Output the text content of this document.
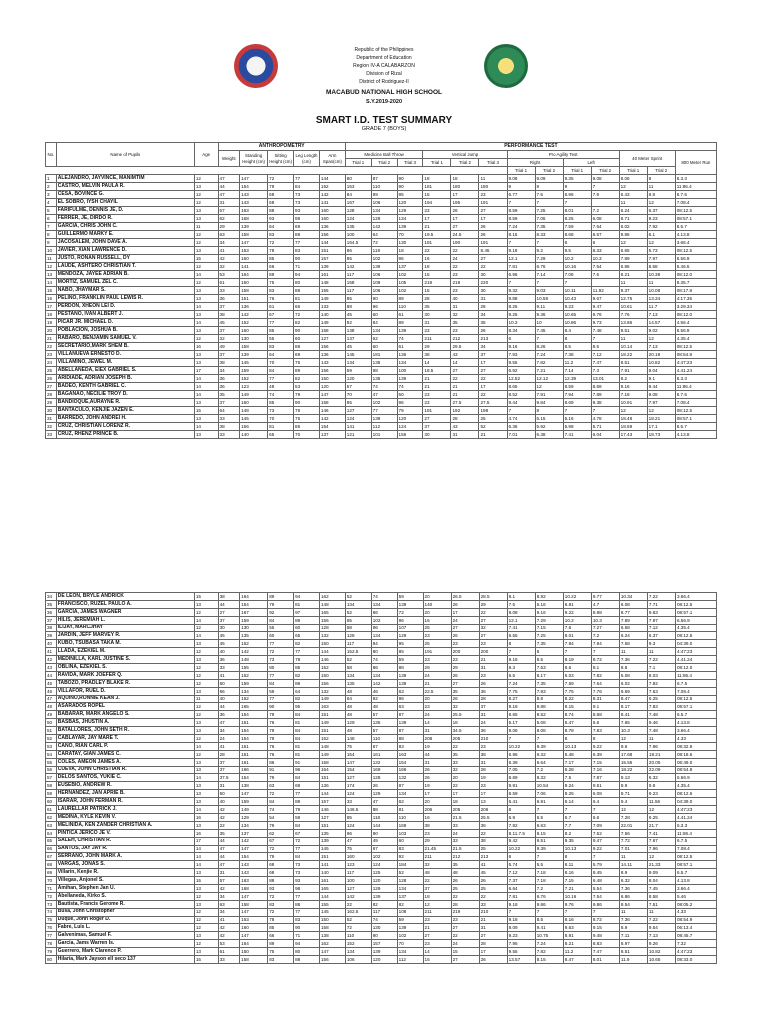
Republic of the Philippines
Department of Education
Region IV-A CALABARZON
Division of Rizal
District of Rodriguez-II
MACABUD NATIONAL HIGH SCHOOL
S.Y.2019-2020
SMART I.D. TEST SUMMARY
GRADE 7 (BOYS)
No.	Name of Pupils	Age	ANTHROPOMETRY					PERFORMANCE TEST												
			Weight	Standing Height (cm)	Sitting Height (cm)	Leg Length (cm)	Arm Span(cm)	Medicine Ball Throw			Vertical Jump			Pro Agility Test				40 Meter Sprint		800 Meter Run
								Trial 1	Trial 2	Trial 3	Trial 1	Trial 2	Trial 3	Right		Left				
														Trial 1	Trial 2	Trial 1	Trial 2	Trial 1	Trial 2	
1	ALEJANDRO, JAYVINCE, MANIMTIM	12	47	147	72	77	144	80	87	90	18	18	11	9.08	9.09	9.35	9.08	8.06	8	6.3.3
2	CASTRO, MELVIN PAULA R.	13	44	154	79	84	152	153	110	90	181	180	180	9	9	9	7	12	11	11:86.4
3	CESA, BOVINCE G.	12	47	143	68	73	142	84	99	95	15	17	23	6.77	7.5	6.96	7.9	6.43	8.8	6.7.5
4	EL SOBRO, IYSH CHAYIL	12	31	143	68	73	141	167	106	120	194	195	191	7	7	7		11	12	7.08.4
5	FARIFULME, DENNIS JE, D.	13	57	163	88	93	160	128	134	129	23	26	27	8.59	7.25	8.01	7.2	6.24	6.37	08:12.5
6	FERRER, JE, DIRDO R.	13	62	168	93	98	160	124	129	134	17	17	17	8.59	7.06	8.25	6.08	8.71	9.23	08:57.1
7	GARCIA, CHRIS JOHN C.	11	29	139	64	69	136	135	142	139	21	27	26	7.24	7.35	7.59	7.64	6.02	7.92	6.5.7
8	GUILLERMO MARKY E.	12	63	158	83	88	156	100	64	70	19.5	24.5	26	8.15	8.33	8.68	8.57	9.86	6.1	4.13.8
9	JACOSALEM, JOHN DAVE A.	12	34	147	72	77	144	164.5	72	130	191	190	191	7	7	6	6	12	12	3.66.4
10	JAVIER, XIAN LAWRENCE D.	13	41	153	78	83	151	86	118	18	22	22	8.45	9.18	9.2	9.5	8.33	6.65	5.73	08:12.5
11	JUSTO, RONAN RUSSELL, DY	15	42	160	85	90	157	85	102	96	16	24	27	12.1	7.29	10.2	10.3	7.89	7.97	6.56.9
12	LAUDE, ASHTERO CHRISTIAN T.	12	32	141	66	71	139	142	139	137	18	22	22	7.81	6.76	10.16	7.54	6.86	8.58	5.46.5
13	MENDOZA, JAYEE ADRIAN B.	14	53	164	89	94	161	117	106	102	15	23	30	6.96	7.14	7.08	7.5	8.21	10.38	08:12.0
14	MORTIZ, SAMUEL ZEL C.	12	61	150	75	80	148	158	109	105	219	219	220	7	7	7		11	11	9.35.7
15	NABO, JHAYMAR S.	13	33	158	83	88	155	117	106	102	15	23	30	9.32	9.03	10.11	11.92	9.37	10.08	08:17.8
16	PELIÑO, FRANKLIN PAUL LEWIS R.	13	36	151	76	81	149	85	90	89	28	40	31	9.88	10.58	10.43	9.67	12.75	13.34	4:17.35
17	PERDON, XHEON LEI D.	14	37	136	61	66	133	88	96	110	35	31	28	8.25	9.11	9.23	9.47	10.61	11.7	3.29.34
18	PESTANO, IVAN ALBERT J.	13	38	142	67	72	140	45	60	61	30	32	34	9.25	9.36	10.65	9.76	7.76	7.13	08:12.0
19	PICAR JR. MICHAEL D.	14	45	152	77	82	149	82	84	89	31	35	35	10.3	10	10.86	9.73	13.86	14.57	4.56.4
20	POBLACION, JOSHUA B.	13	37	160	85	90	158	138	134	139	23	23	26	8.34	7.45	8.4	7.48	9.51	9.02	6.56.9
21	RABARO, BENJAMIN SAMUEL V.	12	32	130	55	60	127	137	62	74	211	212	213	6	7	8	7	11	12	4.35.4
22	SECRETARIO,MARK SHEM B.	16	49	158	83	88	156	45	60	61	29	29.5	34	9.16	8.26	8.5	8.5	10.14	7.13	08:12.5
23	VILLANUEVA ERNESTO D.	13	37	139	64	69	136	145	181	136	38	43	37	7.93	7.24	7.38	7.12	18.22	20.19	08:54.8
24	VILLAMINO, JEWEL M.	13	38	145	70	75	143	134	135	134	14	14	17	9.55	7.82	11.2	7.47	8.51	10.82	4:47:23
25	ABELLANEDA, EIEX GABRIEL S.	17	34	159	84	89	156	59	98	100	18.5	27	27	6.92	7.21	7.14	7.3	7.91	8.04	4.41.24
26	ARIDIADE, ADRIAN JOSEPH B.	14	36	152	77	82	150	120	135	139	21	22	22	12.52	12.12	12.39	13.01	8.2	9.1	6.3.3
27	BADEO, KENTH GABRIEL C.	14	36	123	48	53	120	57	74	74	21	21	17	8.65	12	8.59	8.69	9.16	9.44	11:86.4
28	BAGANAO, NECILIE TROY D.	14	35	149	74	79	147	70	47	50	23	21	22	8.52	7.91	7.94	7.89	7.18	9.08	6.7.5
29	BANDIOQUE,AURAYNE R.	13	37	160	85	90	158	85	102	96	23	27.5	27.5	9.44	9.84	8.69	9.38	10.91	7.97	7.08.4
30	BANTACULO, KENJIE JAZEN E.	15	64	148	73	78	146	127	77	79	191	192	198	7	8	7	7	12	12	08:12.5
31	BARREDO, JOHN ANDREI H.	13	33	145	70	75	142	124	139	120	27	28	25	4.74	5.15	5.16	4.78	18.48	18.21	08:57.1
32	CRUZ, CHRISTIAN LORENZ R.	14	38	156	81	86	154	141	112	124	37	43	52	6.36	5.92	5.98	5.71	18.59	17.1	6.5.7
33	CRUZ, RHENZ PRINCE B.	13	33	140	65	70	137	121	101	156	30	31	21	7.01	6.38	7.41	6.04	17.43	18.73	4.13.8
34	DE LEON, BRYLE ANDRICK	15	38	164	89	94	162	52	74	59	20	26.5	28.5	8.1	8.92	10.22	9.77	10.34	7.22	3.66.4
35	FRANCISCO, RUZEL PAULO A.	13	44	154	79	81	148	134	134	139	140	26	29	7.5	5.16	6.81	4.7	6.08	7.71	08:12.5
36	GARCIA, JAMES WAGNER	12	27	167	92	97	165	52	66	72	20	17	22	8.08	9.16	9.22	8.98	8.77	9.63	08:57.1
37	HILIS, JEREMIAH L.	14	37	159	84	89	156	85	102	96	16	24	27	12.1	7.29	10.2	10.3	7.89	7.97	6.56.9
38	ILIJAY, MARCJHAY	12	30	130	55	60	128	88	96	107	25	27	32	7.41	7.15	7.6	7.27	6.68	7.12	4.35.4
39	JARDIN, JEFF MARVEY R.	14	45	135	60	65	132	128	134	129	23	26	27	6.55	7.25	8.01	7.2	6.24	6.37	08:12.5
40	KUBO, TSUBASA TAKA M.	13	45	152	77	82	150	117	94	95	25	23	23	8	7.35	7.94	7.94	7.68	9.3	04:39.0
41	LLADA, EZEKIEL M.	12	40	142	72	77	144	152.5	80	85	191	200	200	7	6	7	7	11	11	4:47:23
42	MEDINILLA, KARL JUSTINE S.	13	36	148	73	78	146	52	74	59	23	23	21	9.18	8.5	8.19	8.72	7.36	7.22	4.41.24
43	OBLINA, EZEKIEL S.	12	33	155	80	85	152	58	86	88	29	29	31	8.3	7.53	8.6	8.1	8.8	7.1	08:12.0
44	RAVIDA, MARK JOEFER Q.	12	41	152	77	82	150	134	134	139	24	26	23	6.5	8.17	6.03	7.82	5.08	8.03	11:86.4
45	TABOZO, PRADLEY BLAKE R.	12	60	159	84	89	156	135	142	139	21	27	26	7.24	7.35	7.59	7.64	6.02	7.92	6.7.5
46	VILLAFOR, RUEL D.	13	66	134	59	64	132	48	46	63	22.5	35	36	7.75	7.93	7.75	7.76	9.69	7.63	7.08.4
47	AQUINO,RONNIE KEAN J.	11	40	152	77	82	149	84	92	96	20	26	28	8.27	8.8	8.22	8.31	8.47	6.25	08:12.5
48	ASARADOS ROPEL	12	44	165	90	95	163	48	48	63	23	32	37	9.18	9.88	9.15	9.1	8.17	7.83	08:57.1
49	BABARAR, MARK ANGELO S.	12	36	154	79	84	151	48	57	87	24	25.5	31	8.65	8.52	8.74	8.68	8.41	7.48	6.5.7
50	BASBAS, JHUSTIN A.	13	47	151	76	81	149	129	135	139	14	18	24	5.17	5.08	5.47	5.6	7.65	9.46	4.13.8
51	BATALLORES, JOHN SETH R.	13	34	154	79	84	151	48	57	87	31	34.5	36	9.06	8.08	8.78	7.83	10.3	7.48	3.66.4
52	CABLAYAR, JAY MARE T.	12	24	154	79	84	152	148	110	88	208	205	210	7	7	8	8	12	11	4.33
53	CANO, RIAN CARL P.	14	41	151	76	81	148	75	67	83	19	22	23	10.22	9.39	10.13	9.22	9.6	7.96	08:32.9
54	CARATAY, GIAN JAMES C.	12	28	151	76	81	149	154	161	163	44	35	38	6.96	6.32	5.48	6.39	17.68	18.21	08:18.6
55	COLES, AMEON JAMES A.	13	37	161	86	91	158	147	132	154	31	33	31	6.39	6.64	7.17	7.15	15.55	20.05	06:49.0
56	CUEVA, JOHN CHRISTIAN R.	13	37	166	91	96	164	154	169	166	26	32	28	7.05	7.2	6.28	7.16	18.22	22.09	08:54.8
57	DELOS SANTOS, YUKIE C.	14	37.5	154	79	84	151	127	128	132	26	20	19	8.69	8.32	7.5	7.87	8.13	6.32	6.56.9
58	EUSEBIO, ANDREW R.	13	31	138	63	68	136	174	26	87	19	22	23	9.91	10.54	9.24	9.51	8.9	9.8	4.35.4
59	HERNANDEZ, JAN APRIE B.	13	50	147	72	77	144	124	129	134	17	17	17	8.59	7.06	8.25	6.08	8.71	9.23	08:12.5
60	ISARAR, JOHN FERMAN R.	13	40	159	84	89	157	33	47	62	20	18	13	6.41	6.91	6.14	6.4	9.4	11.56	04:39.0
61	LAURELLAR PATRICK J.	14	42	149	74	79	146	146.5	88	81	206	205	206	8	7	7	7	12	12	4:47:23
62	MEDINA, KYLE KEVIN V.	16	42	129	54	59	127	85	118	110	16	21.5	25.5	6.9	6.5	6.7	6.6	7.28	6.25	4.41.24
63	MELINIDA, KEN ZANDER CHRISTIAN A.	13	22	134	79	84	151	124	144	169	38	33	36	7.82	6.63	7.7	7.09	22.01	21.7	6.3.3
64	PINTICA JERICO JE V.	16	35	137	62	67	135	96	90	103	23	24	22	8.11.7.5	8.15	8.2	7.52	7.56	7.41	11:86.4
65	SALEH, CHRISTIAN R.	17	44	142	67	72	139	47	49	60	29	33	38	9.42	9.51	9.35	9.47	7.72	7.67	6.7.5
66	SANTOS, JAY JAY R.	14	47	147	72	77	145	75	67	83	21.45	21.5	25	10.22	9.39	10.13	9.22	7.01	7.96	7.08.4
67	SERRANO, JOHN MARK A.	14	44	154	79	84	151	160	102	92	211	212	213	6	7	8	7	11	12	08:12.5
68	VARGAS, JONAS S.	14	47	143	68	73	141	123	124	184	32	35	41	5.74	5.5	6.11	5.79	14.11	21.33	08:57.1
69	Villarin, Kenjie R.	13	31	143	68	73	140	117	125	52	48	48	45	7.12	7.18	8.16	8.45	8.9	9.09	6.5.7
70	Villegas, Anjonel S.	15	57	163	88	93	161	100	120	128	22	26	26	7.37	7.18	7.15	6.48	6.32	8.04	4.13.8
71	Amihan, Stephen Jan U.	13	42	168	93	98	165	127	129	134	37	25	25	6.64	7.2	7.21	5.54	7.36	7.45	3.66.4
72	Abellaneda, Kirko S.	12	34	147	72	77	144	142	139	137	18	22	22	7.81	6.76	10.16	7.54	6.86	8.58	5.46
73	Bautista, Francis Gerome R.	13	63	158	83	88	155	22	82	82	12	28	33	9.18	9.86	9.76	9.86	8.54	7.51	08:05.2
74	Busa, John Christopher	12	34	147	72	77	145	162.5	117	108	211	219	210	7	7	7	7	11	11	4.33
75	Duque, John Roger D.	12	41	153	78	83	150	52	74	59	23	23	21	9.18	8.5	8.16	8.72	7.36	7.22	08:54.9
76	Fabre, Luis L.	12	42	160	85	90	158	72	130	139	21	27	31	8.09	9.41	9.63	9.15	8.9	9.54	06:13.4
77	Galvenimas, Samuel F.	13	42	147	66	71	138	110	90	102	27	22	27	9.23	10.75	8.91	9.48	7.11	7.13	08:45.7
78	Garcia, Jams Warren Is.	12	53	164	89	94	162	152	157	70	23	24	28	7.95	7.24	8.21	8.83	8.97	9.26	7.32
79	Guerrero, Mark Clarence P.	13	61	150	75	80	147	134	139	134	14	15	17	9.55	7.82	11.2	7.47	8.51	10.82	4:47:23
80	Hilaria, Mark Jayson ell seco 137	15	33	158	83	88	156	106	120	112	15	27	26	13.57	8.15	8.47	8.01	11.9	10.65	08:33.0
